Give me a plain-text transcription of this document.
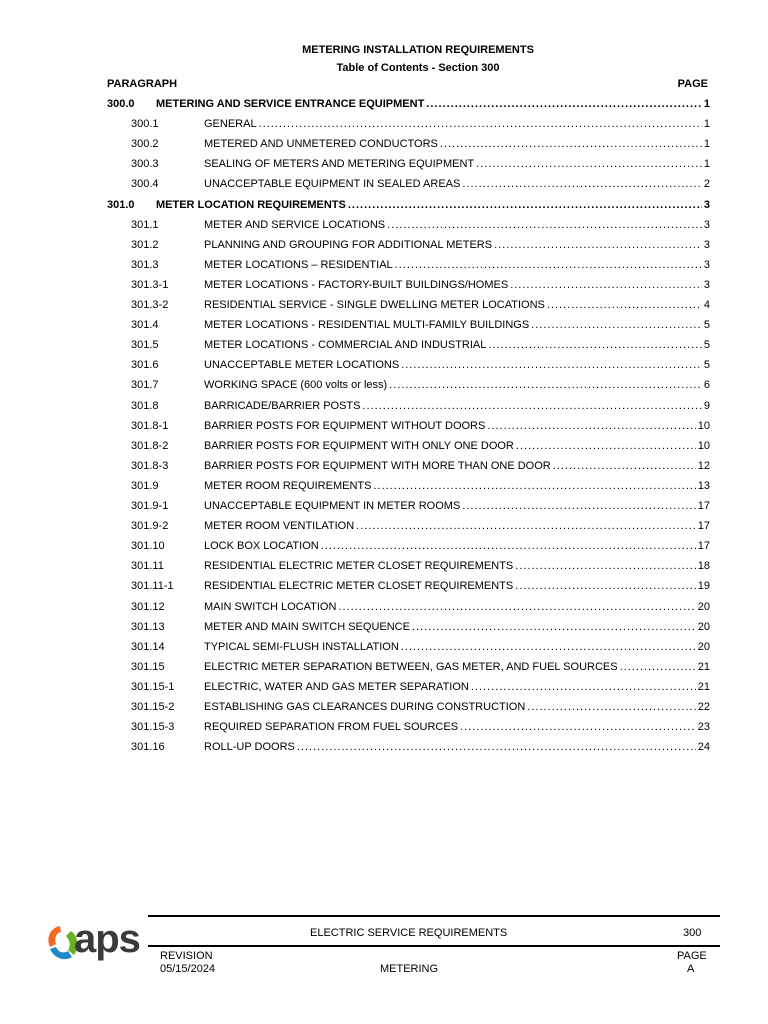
METERING INSTALLATION REQUIREMENTS
Table of Contents - Section 300
PARAGRAPH	PAGE
300.0 METERING AND SERVICE ENTRANCE EQUIPMENT .....	1
300.1	GENERAL .....	1
300.2	METERED AND UNMETERED CONDUCTORS .....	1
300.3	SEALING OF METERS AND METERING EQUIPMENT .....	1
300.4	UNACCEPTABLE EQUIPMENT IN SEALED AREAS .....	2
301.0 METER LOCATION REQUIREMENTS .....	3
301.1	METER AND SERVICE LOCATIONS .....	3
301.2	PLANNING AND GROUPING FOR ADDITIONAL METERS .....	3
301.3	METER LOCATIONS – RESIDENTIAL .....	3
301.3-1	METER LOCATIONS - FACTORY-BUILT BUILDINGS/HOMES .....	3
301.3-2	RESIDENTIAL SERVICE - SINGLE DWELLING METER LOCATIONS .....	4
301.4	METER LOCATIONS - RESIDENTIAL MULTI-FAMILY BUILDINGS .....	5
301.5	METER LOCATIONS - COMMERCIAL AND INDUSTRIAL .....	5
301.6	UNACCEPTABLE METER LOCATIONS .....	5
301.7	WORKING SPACE (600 volts or less) .....	6
301.8	BARRICADE/BARRIER POSTS .....	9
301.8-1	BARRIER POSTS FOR EQUIPMENT WITHOUT DOORS .....	10
301.8-2	BARRIER POSTS FOR EQUIPMENT WITH ONLY ONE DOOR .....	10
301.8-3	BARRIER POSTS FOR EQUIPMENT WITH MORE THAN ONE DOOR .....	12
301.9	METER ROOM REQUIREMENTS .....	13
301.9-1	UNACCEPTABLE EQUIPMENT IN METER ROOMS .....	17
301.9-2	METER ROOM VENTILATION .....	17
301.10	LOCK BOX LOCATION .....	17
301.11	RESIDENTIAL ELECTRIC METER CLOSET REQUIREMENTS .....	18
301.11-1	RESIDENTIAL ELECTRIC METER CLOSET REQUIREMENTS .....	19
301.12	MAIN SWITCH LOCATION .....	20
301.13	METER AND MAIN SWITCH SEQUENCE .....	20
301.14	TYPICAL SEMI-FLUSH INSTALLATION .....	20
301.15	ELECTRIC METER SEPARATION BETWEEN, GAS METER, AND FUEL SOURCES .....	21
301.15-1	ELECTRIC, WATER AND GAS METER SEPARATION .....	21
301.15-2	ESTABLISHING GAS CLEARANCES DURING CONSTRUCTION .....	22
301.15-3	REQUIRED SEPARATION FROM FUEL SOURCES .....	23
301.16	ROLL-UP DOORS .....	24
aps	ELECTRIC SERVICE REQUIREMENTS	300
REVISION
05/15/2024	METERING
PAGE
A
